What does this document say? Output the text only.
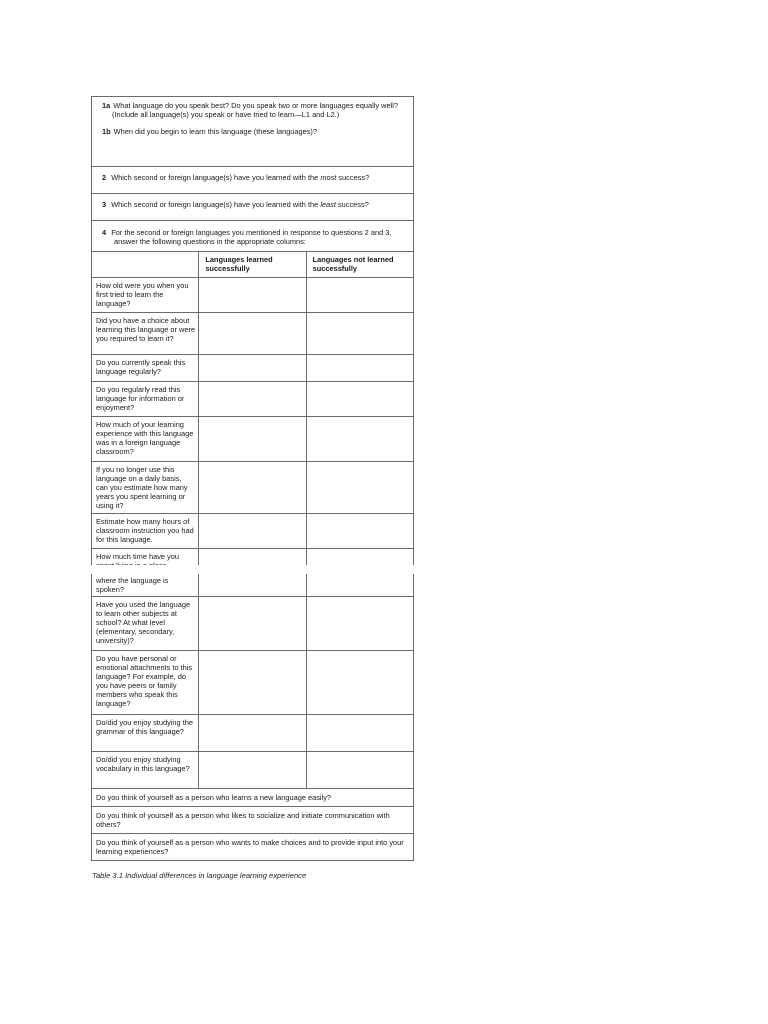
1a What language do you speak best? Do you speak two or more languages equally well? (Include all language(s) you speak or have tried to learn—L1 and L2.)
1b When did you begin to learn this language (these languages)?		

2 Which second or foreign language(s) have you learned with the most success?		

3 Which second or foreign language(s) have you learned with the least success?		

4 For the second or foreign languages you mentioned in response to questions 2 and 3, answer the following questions in the appropriate columns:		

	Languages learned successfully	Languages not learned successfully
How old were you when you first tried to learn the language?		
Did you have a choice about learning this language or were you required to learn it?		
Do you currently speak this language regularly?		
Do you regularly read this language for information or enjoyment?		
How much of your learning experience with this language was in a foreign language classroom?		
If you no longer use this language on a daily basis, can you estimate how many years you spent learning or using it?		
Estimate how many hours of classroom instruction you had for this language.		
How much time have you		
where the language is spoken?		
Have you used the language to learn other subjects at school? At what level (elementary, secondary, university)?		
Do you have personal or emotional attachments to this language? For example, do you have peers or family members who speak this language?		
Do/did you enjoy studying the grammar of this language?		
Do/did you enjoy studying vocabulary in this language?		
Do you think of yourself as a person who learns a new language easily?		
Do you think of yourself as a person who likes to socialize and initiate communication with others?		
Do you think of yourself as a person who wants to make choices and to provide input into your learning experiences?		
Table 3.1 Individual differences in language learning experience
